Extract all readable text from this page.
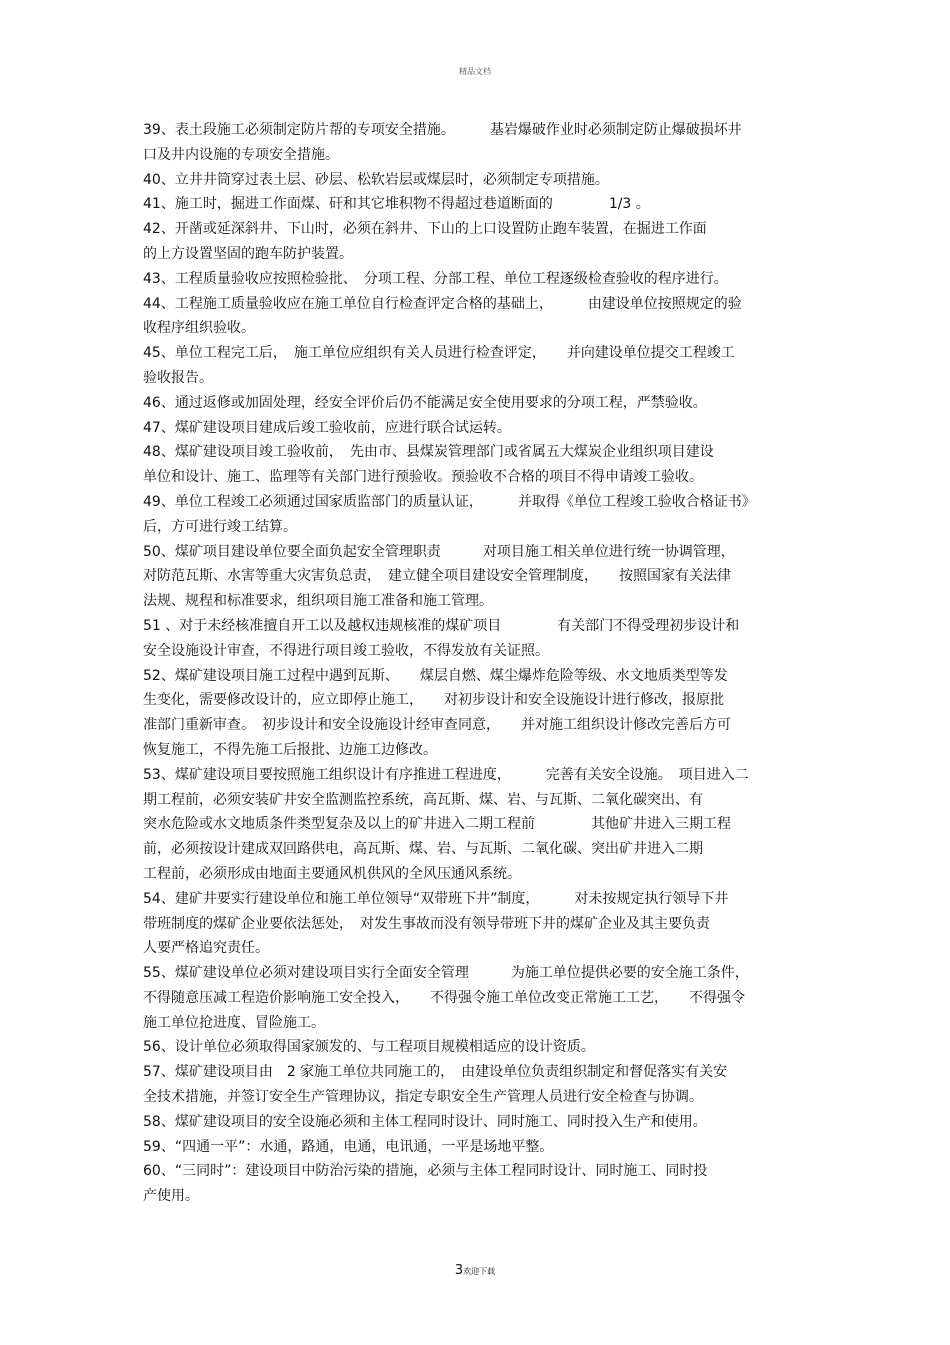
精品文档
39、表土段施工必须制定防片帮的专项安全措施。　　　基岩爆破作业时必须制定防止爆破损坏井
口及井内设施的专项安全措施。
40、立井井筒穿过表土层、砂层、松软岩层或煤层时，必须制定专项措施。
41、施工时，掘进工作面煤、矸和其它堆积物不得超过巷道断面的　　　　1/3 。
42、开凿或延深斜井、下山时，必须在斜井、下山的上口设置防止跑车装置，在掘进工作面
的上方设置坚固的跑车防护装置。
43、工程质量验收应按照检验批、　分项工程、分部工程、单位工程逐级检查验收的程序进行。
44、工程施工质量验收应在施工单位自行检查评定合格的基础上，　　　由建设单位按照规定的验
收程序组织验收。
45、单位工程完工后，　施工单位应组织有关人员进行检查评定，　　并向建设单位提交工程竣工
验收报告。
46、通过返修或加固处理，经安全评价后仍不能满足安全使用要求的分项工程，严禁验收。
47、煤矿建设项目建成后竣工验收前，应进行联合试运转。
48、煤矿建设项目竣工验收前，　先由市、县煤炭管理部门或省属五大煤炭企业组织项目建设
单位和设计、施工、监理等有关部门进行预验收。预验收不合格的项目不得申请竣工验收。
49、单位工程竣工必须通过国家质监部门的质量认证，　　　并取得《单位工程竣工验收合格证书》
后，方可进行竣工结算。
50、煤矿项目建设单位要全面负起安全管理职责　　　对项目施工相关单位进行统一协调管理，
对防范瓦斯、水害等重大灾害负总责，　建立健全项目建设安全管理制度，　　按照国家有关法律
法规、规程和标准要求，组织项目施工准备和施工管理。
51 、对于未经核准擅自开工以及越权违规核准的煤矿项目　　　　有关部门不得受理初步设计和
安全设施设计审查，不得进行项目竣工验收，不得发放有关证照。
52、煤矿建设项目施工过程中遇到瓦斯、　　煤层自燃、煤尘爆炸危险等级、水文地质类型等发
生变化，需要修改设计的，应立即停止施工，　　对初步设计和安全设施设计进行修改，报原批
准部门重新审查。　初步设计和安全设施设计经审查同意，　　并对施工组织设计修改完善后方可
恢复施工，不得先施工后报批、边施工边修改。
53、煤矿建设项目要按照施工组织设计有序推进工程进度，　　　完善有关安全设施。　项目进入二
期工程前，必须安装矿井安全监测监控系统，高瓦斯、煤、岩、与瓦斯、二氧化碳突出、有
突水危险或水文地质条件类型复杂及以上的矿井进入二期工程前　　　　其他矿井进入三期工程
前，必须按设计建成双回路供电，高瓦斯、煤、岩、与瓦斯、二氧化碳、突出矿井进入二期
工程前，必须形成由地面主要通风机供风的全风压通风系统。
54、建矿井要实行建设单位和施工单位领导“双带班下井”制度，　　　对未按规定执行领导下井
带班制度的煤矿企业要依法惩处，　对发生事故而没有领导带班下井的煤矿企业及其主要负责
人要严格追究责任。
55、煤矿建设单位必须对建设项目实行全面安全管理　　　为施工单位提供必要的安全施工条件，
不得随意压减工程造价影响施工安全投入，　　不得强令施工单位改变正常施工工艺，　　不得强令
施工单位抢进度、冒险施工。
56、设计单位必须取得国家颁发的、与工程项目规模相适应的设计资质。
57、煤矿建设项目由　2 家施工单位共同施工的，　由建设单位负责组织制定和督促落实有关安
全技术措施，并签订安全生产管理协议，指定专职安全生产管理人员进行安全检查与协调。
58、煤矿建设项目的安全设施必须和主体工程同时设计、同时施工、同时投入生产和使用。
59、“四通一平”：水通，路通，电通，电讯通，一平是场地平整。
60、“三同时”：建设项目中防治污染的措施，必须与主体工程同时设计、同时施工、同时投
产使用。
3欢迎下载
